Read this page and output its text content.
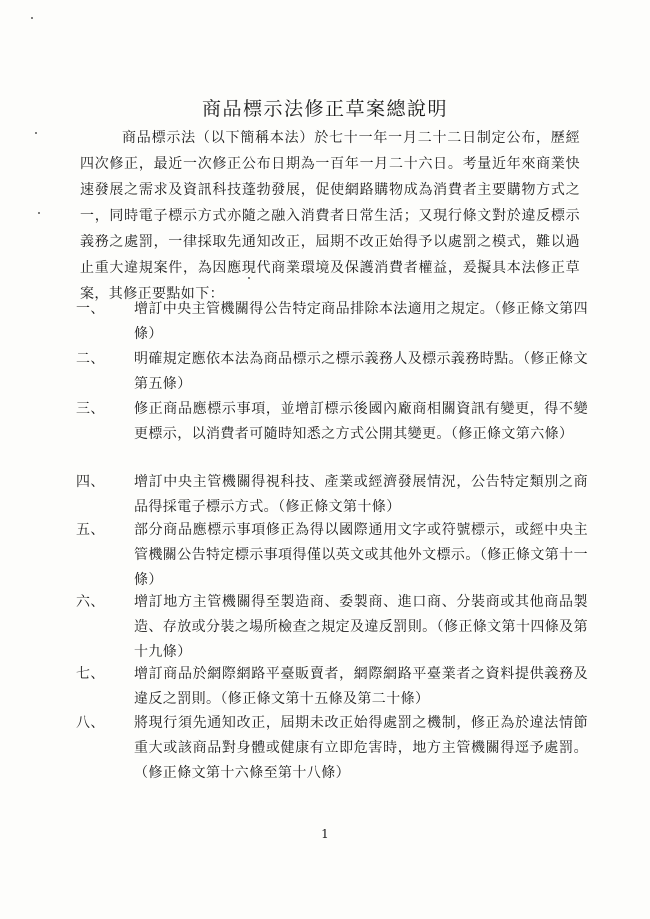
商品標示法修正草案總說明

商品標示法（以下簡稱本法）於七十一年一月二十二日制定公布，歷經四次修正，最近一次修正公布日期為一百年一月二十六日。考量近年來商業快速發展之需求及資訊科技蓬勃發展，促使網路購物成為消費者主要購物方式之一，同時電子標示方式亦隨之融入消費者日常生活；又現行條文對於違反標示義務之處罰，一律採取先通知改正，屆期不改正始得予以處罰之模式，難以過止重大違規案件，為因應現代商業環境及保護消費者權益，爰擬具本法修正草案，其修正要點如下：

一、	增訂中央主管機關得公告特定商品排除本法適用之規定。（修正條文第四條）
二、	明確規定應依本法為商品標示之標示義務人及標示義務時點。（修正條文第五條）
三、	修正商品應標示事項，並增訂標示後國內廠商相關資訊有變更，得不變更標示，以消費者可隨時知悉之方式公開其變更。（修正條文第六條）
四、	增訂中央主管機關得視科技、產業或經濟發展情況，公告特定類別之商品得採電子標示方式。（修正條文第十條）
五、	部分商品應標示事項修正為得以國際通用文字或符號標示，或經中央主管機關公告特定標示事項得僅以英文或其他外文標示。（修正條文第十一條）
六、	增訂地方主管機關得至製造商、委製商、進口商、分裝商或其他商品製造、存放或分裝之場所檢查之規定及違反罰則。（修正條文第十四條及第十九條）
七、	增訂商品於網際網路平臺販賣者，網際網路平臺業者之資料提供義務及違反之罰則。（修正條文第十五條及第二十條）
八、	將現行須先通知改正，屆期未改正始得處罰之機制，修正為於違法情節重大或該商品對身體或健康有立即危害時，地方主管機關得逕予處罰。（修正條文第十六條至第十八條）
1
